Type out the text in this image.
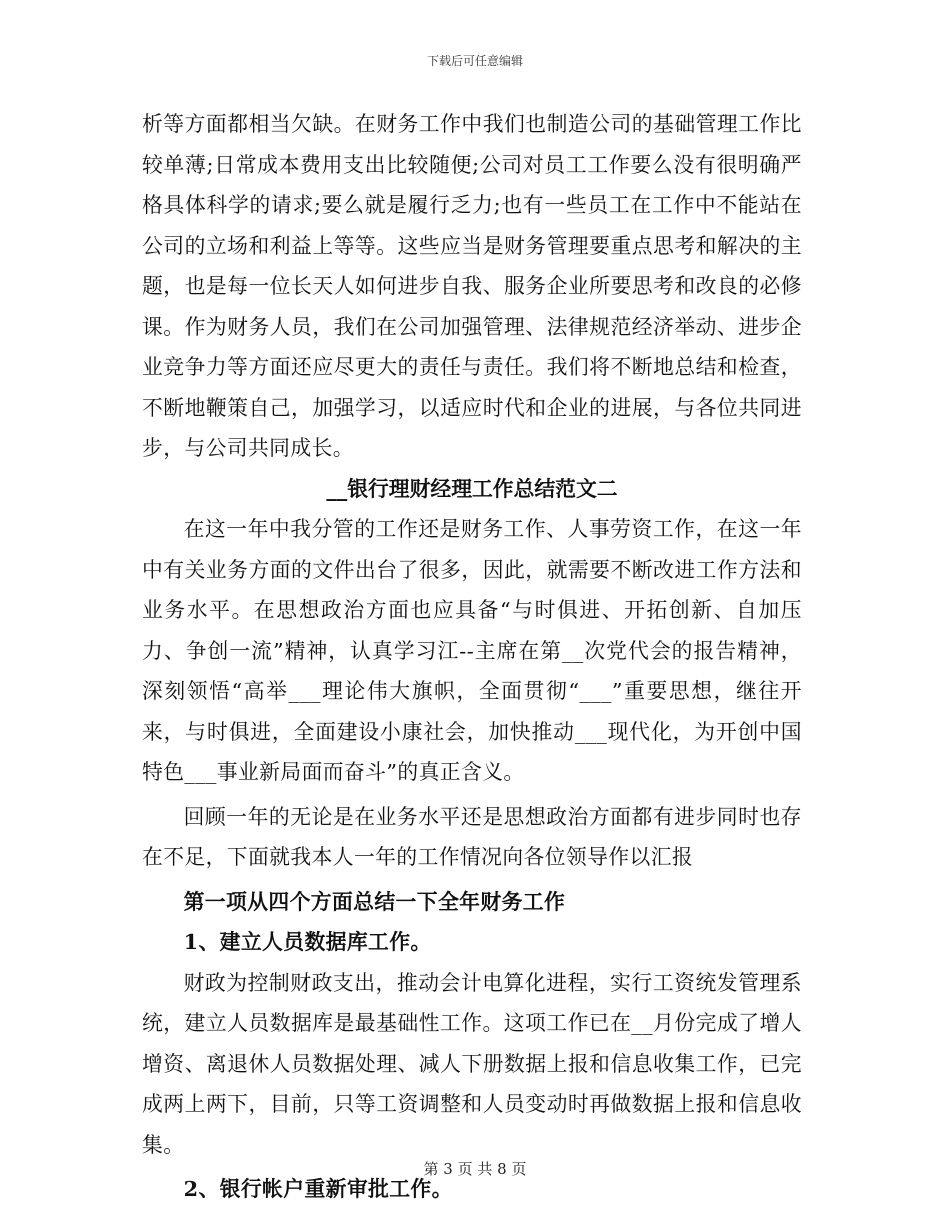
下载后可任意编辑

析等方面都相当欠缺。在财务工作中我们也制造公司的基础管理工作比较单薄;日常成本费用支出比较随便;公司对员工工作要么没有很明确严格具体科学的请求;要么就是履行乏力;也有一些员工在工作中不能站在公司的立场和利益上等等。这些应当是财务管理要重点思考和解决的主题，也是每一位长天人如何进步自我、服务企业所要思考和改良的必修课。作为财务人员，我们在公司加强管理、法律规范经济举动、进步企业竞争力等方面还应尽更大的责任与责任。我们将不断地总结和检查，不断地鞭策自己，加强学习，以适应时代和企业的进展，与各位共同进步，与公司共同成长。

__银行理财经理工作总结范文二

在这一年中我分管的工作还是财务工作、人事劳资工作，在这一年中有关业务方面的文件出台了很多，因此，就需要不断改进工作方法和业务水平。在思想政治方面也应具备“与时俱进、开拓创新、自加压力、争创一流”精神，认真学习江--主席在第__次党代会的报告精神，深刻领悟“高举___理论伟大旗帜，全面贯彻“___”重要思想，继往开来，与时俱进，全面建设小康社会，加快推动___现代化，为开创中国特色___事业新局面而奋斗”的真正含义。

回顾一年的无论是在业务水平还是思想政治方面都有进步同时也存在不足，下面就我本人一年的工作情况向各位领导作以汇报

第一项从四个方面总结一下全年财务工作

1、建立人员数据库工作。

财政为控制财政支出，推动会计电算化进程，实行工资统发管理系统，建立人员数据库是最基础性工作。这项工作已在__月份完成了增人增资、离退休人员数据处理、减人下册数据上报和信息收集工作，已完成两上两下，目前，只等工资调整和人员变动时再做数据上报和信息收集。

2、银行帐户重新审批工作。

第 3 页 共 8 页
